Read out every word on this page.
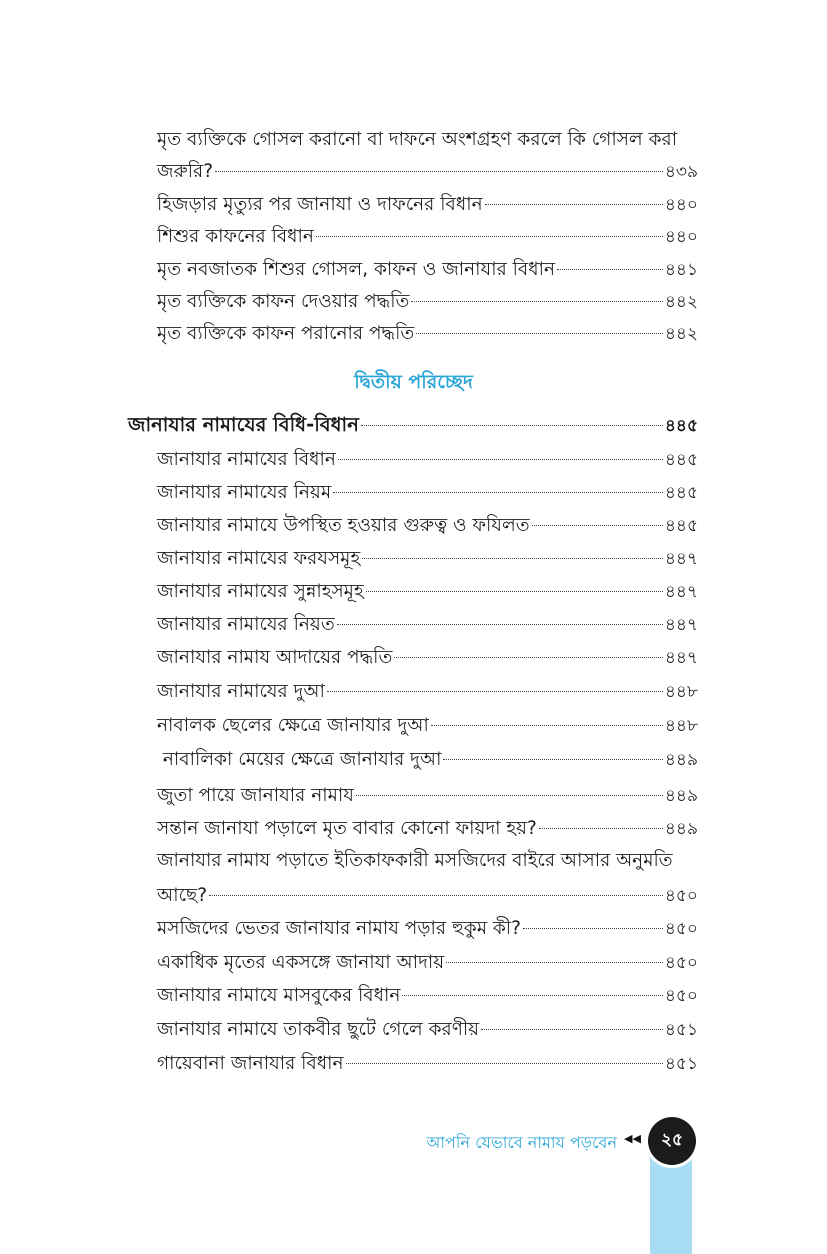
মৃত ব্যক্তিকে গোসল করানো বা দাফনে অংশগ্রহণ করলে কি গোসল করা
জরুরি?	৪৩৯
হিজড়ার মৃত্যুর পর জানাযা ও দাফনের বিধান	৪৪০
শিশুর কাফনের বিধান	৪৪০
মৃত নবজাতক শিশুর গোসল, কাফন ও জানাযার বিধান	৪৪১
মৃত ব্যক্তিকে কাফন দেওয়ার পদ্ধতি	৪৪২
মৃত ব্যক্তিকে কাফন পরানোর পদ্ধতি	৪৪২
দ্বিতীয় পরিচ্ছেদ
জানাযার নামাযের বিধি-বিধান	৪৪৫
জানাযার নামাযের বিধান	৪৪৫
জানাযার নামাযের নিয়ম	৪৪৫
জানাযার নামাযে উপস্থিত হওয়ার গুরুত্ব ও ফযিলত	৪৪৫
জানাযার নামাযের ফরযসমূহ	৪৪৭
জানাযার নামাযের সুন্নাহসমূহ	৪৪৭
জানাযার নামাযের নিয়ত	৪৪৭
জানাযার নামায আদায়ের পদ্ধতি	৪৪৭
জানাযার নামাযের দুআ	৪৪৮
নাবালক ছেলের ক্ষেত্রে জানাযার দুআ	৪৪৮
নাবালিকা মেয়ের ক্ষেত্রে জানাযার দুআ	৪৪৯
জুতা পায়ে জানাযার নামায	৪৪৯
সন্তান জানাযা পড়ালে মৃত বাবার কোনো ফায়দা হয়?	৪৪৯
জানাযার নামায পড়াতে ইতিকাফকারী মসজিদের বাইরে আসার অনুমতি
আছে?	৪৫০
মসজিদের ভেতর জানাযার নামায পড়ার হুকুম কী?	৪৫০
একাধিক মৃতের একসঙ্গে জানাযা আদায়	৪৫০
জানাযার নামাযে মাসবুকের বিধান	৪৫০
জানাযার নামাযে তাকবীর ছুটে গেলে করণীয়	৪৫১
গায়েবানা জানাযার বিধান	৪৫১
আপনি যেভাবে নামায পড়বেন ◀◀	২৫
